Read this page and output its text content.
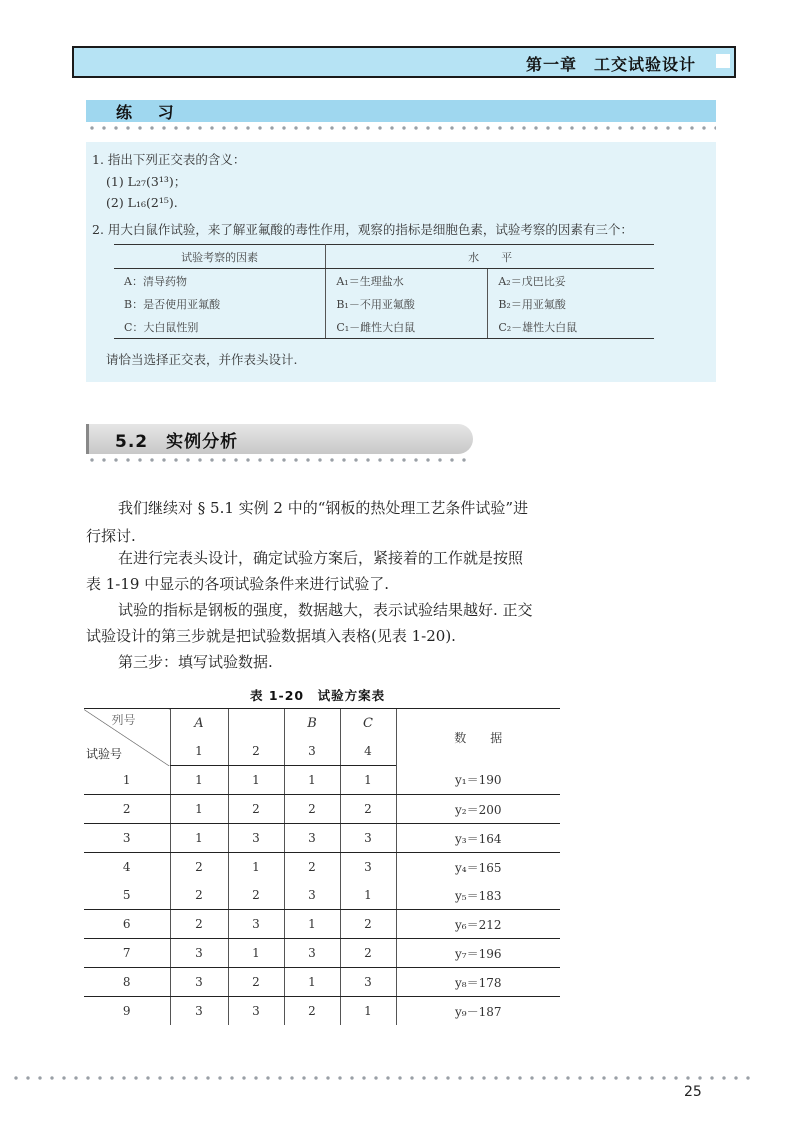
第一章　工交试验设计
练 习
1. 指出下列正交表的含义：
(1) L₂₇(3¹³)；
(2) L₁₆(2¹⁵).
2. 用大白鼠作试验，来了解亚氟酸的毒性作用，观察的指标是细胞色素，试验考察的因素有三个：
试验考察的因素	水　　平	
A：清导药物	A₁＝生理盐水	A₂＝戊巴比妥
B：是否使用亚氟酸	B₁－不用亚氟酸	B₂＝用亚氟酸
C：大白鼠性别	C₁－雌性大白鼠	C₂－雄性大白鼠
请恰当选择正交表，并作表头设计.
5.2　实例分析
我们继续对 § 5.1 实例 2 中的“钢板的热处理工艺条件试验”进
行探讨.
在进行完表头设计，确定试验方案后，紧接着的工作就是按照
表 1-19 中显示的各项试验条件来进行试验了.
试验的指标是钢板的强度，数据越大，表示试验结果越好. 正交
试验设计的第三步就是把试验数据填入表格(见表 1-20).
第三步：填写试验数据.
表 1-20　试验方案表
列号
试验号	A		B	C	数　　据
	1	2	3	4	
1	1	1	1	1	y₁＝190
2	1	2	2	2	y₂＝200
3	1	3	3	3	y₃＝164
4	2	1	2	3	y₄＝165
5	2	2	3	1	y₅＝183
6	2	3	1	2	y₆＝212
7	3	1	3	2	y₇＝196
8	3	2	1	3	y₈＝178
9	3	3	2	1	y₉－187
25
